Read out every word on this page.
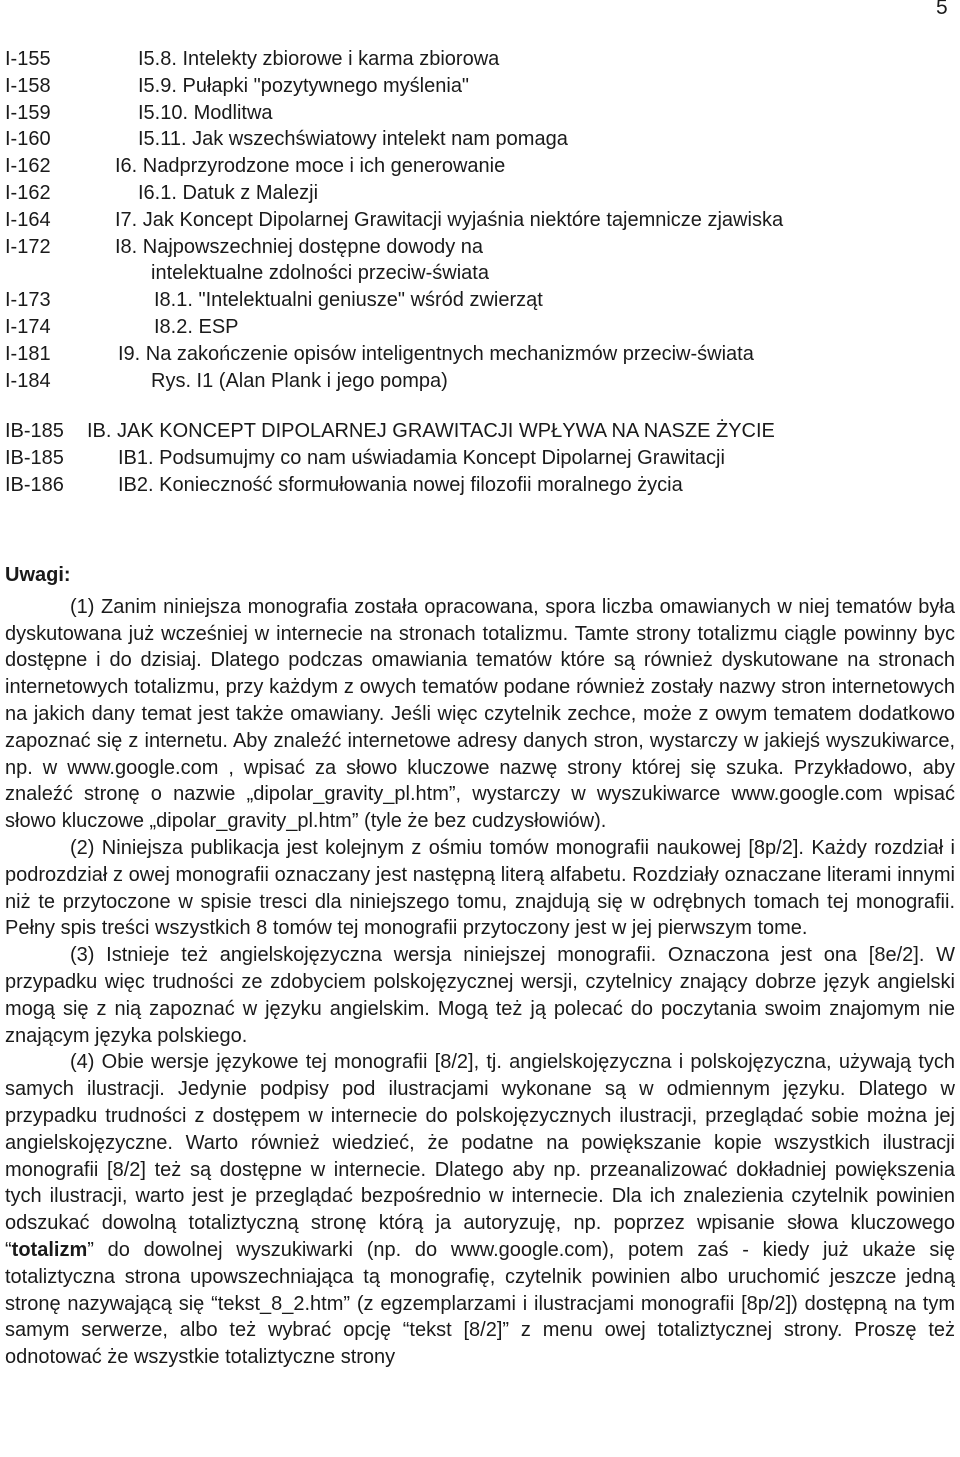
5
I-155	I5.8. Intelekty zbiorowe i karma zbiorowa
I-158	I5.9. Pułapki "pozytywnego myślenia"
I-159	I5.10. Modlitwa
I-160	I5.11. Jak wszechświatowy intelekt nam pomaga
I-162	I6. Nadprzyrodzone moce i ich generowanie
I-162	I6.1. Datuk z Malezji
I-164	I7. Jak Koncept Dipolarnej Grawitacji wyjaśnia niektóre tajemnicze zjawiska
I-172	I8. Najpowszechniej dostępne dowody na
intelektualne zdolności przeciw-świata
I-173	I8.1. "Intelektualni geniusze" wśród zwierząt
I-174	I8.2. ESP
I-181	I9. Na zakończenie opisów inteligentnych mechanizmów przeciw-świata
I-184	Rys. I1 (Alan Plank i jego pompa)
IB-185 IB. JAK KONCEPT DIPOLARNEJ GRAWITACJI WPŁYWA NA NASZE ŻYCIE
IB-185	IB1. Podsumujmy co nam uświadamia Koncept Dipolarnej Grawitacji
IB-186	IB2. Konieczność sformułowania nowej filozofii moralnego życia

Uwagi:

(1) Zanim niniejsza monografia została opracowana, spora liczba omawianych w niej tematów była dyskutowana już wcześniej w internecie na stronach totalizmu. Tamte strony totalizmu ciągle powinny byc dostępne i do dzisiaj. Dlatego podczas omawiania tematów które są również dyskutowane na stronach internetowych totalizmu, przy każdym z owych tematów podane również zostały nazwy stron internetowych na jakich dany temat jest także omawiany. Jeśli więc czytelnik zechce, może z owym tematem dodatkowo zapoznać się z internetu. Aby znaleźć internetowe adresy danych stron, wystarczy w jakiejś wyszukiwarce, np. w www.google.com , wpisać za słowo kluczowe nazwę strony której się szuka. Przykładowo, aby znaleźć stronę o nazwie „dipolar_gravity_pl.htm”, wystarczy w wyszukiwarce www.google.com wpisać słowo kluczowe „dipolar_gravity_pl.htm” (tyle że bez cudzysłowiów).

(2) Niniejsza publikacja jest kolejnym z ośmiu tomów monografii naukowej [8p/2]. Każdy rozdział i podrozdział z owej monografii oznaczany jest następną literą alfabetu. Rozdziały oznaczane literami innymi niż te przytoczone w spisie tresci dla niniejszego tomu, znajdują się w odrębnych tomach tej monografii. Pełny spis treści wszystkich 8 tomów tej monografii przytoczony jest w jej pierwszym tome.

(3) Istnieje też angielskojęzyczna wersja niniejszej monografii. Oznaczona jest ona [8e/2]. W przypadku więc trudności ze zdobyciem polskojęzycznej wersji, czytelnicy znający dobrze język angielski mogą się z nią zapoznać w języku angielskim. Mogą też ją polecać do poczytania swoim znajomym nie znającym języka polskiego.

(4) Obie wersje językowe tej monografii [8/2], tj. angielskojęzyczna i polskojęzyczna, używają tych samych ilustracji. Jedynie podpisy pod ilustracjami wykonane są w odmiennym języku. Dlatego w przypadku trudności z dostępem w internecie do polskojęzycznych ilustracji, przeglądać sobie można jej angielskojęzyczne. Warto również wiedzieć, że podatne na powiększanie kopie wszystkich ilustracji monografii [8/2] też są dostępne w internecie. Dlatego aby np. przeanalizować dokładniej powiększenia tych ilustracji, warto jest je przeglądać bezpośrednio w internecie. Dla ich znalezienia czytelnik powinien odszukać dowolną totaliztyczną stronę którą ja autoryzuję, np. poprzez wpisanie słowa kluczowego “totalizm” do dowolnej wyszukiwarki (np. do www.google.com), potem zaś - kiedy już ukaże się totaliztyczna strona upowszechniająca tą monografię, czytelnik powinien albo uruchomić jeszcze jedną stronę nazywającą się “tekst_8_2.htm” (z egzemplarzami i ilustracjami monografii [8p/2]) dostępną na tym samym serwerze, albo też wybrać opcję “tekst [8/2]” z menu owej totaliztycznej strony. Proszę też odnotować że wszystkie totaliztyczne strony
